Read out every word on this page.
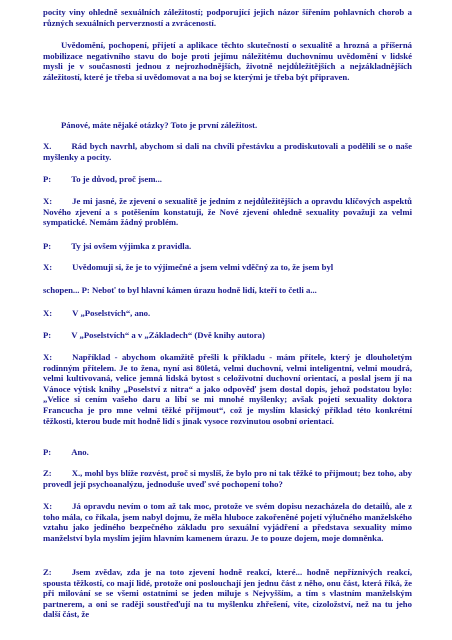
pocity viny ohledně sexuálních záležitostí; podporující jejich názor šířením pohlavních chorob a různých sexuálních perverzností a zvráceností.

Uvědomění, pochopení, přijetí a aplikace těchto skutečností o sexualitě a hrozná a příšerná mobilizace negativního stavu do boje proti jejímu náležitému duchovnímu uvědomění v lidské mysli je v současnosti jednou z nejrozhodnějších, životně nejdůležitějších a nejzákladnějších záležitostí, které je třeba si uvědomovat a na boj se kterými je třeba být připraven.

Pánové, máte nějaké otázky? Toto je první záležitost.

X. Rád bych navrhl, abychom si dali na chvíli přestávku a prodiskutovali a podělili se o naše myšlenky a pocity.

P: To je důvod, proč jsem...

X: Je mi jasné, že zjevení o sexualitě je jedním z nejdůležitějších a opravdu klíčových aspektů Nového zjevení a s potěšením konstatuji, že Nové zjevení ohledně sexuality považuji za velmi sympatické. Nemám žádný problém.

P: Ty jsi ovšem výjimka z pravidla.

X: Uvědomuji si, že je to výjimečné a jsem velmi vděčný za to, že jsem byl

schopen... P: Neboť to byl hlavní kámen úrazu hodně lidí, kteří to četli a...

X: V „Poselstvích“, ano.

P: V „Poselstvích“ a v „Základech“ (Dvě knihy autora)

X: Například - abychom okamžitě přešli k příkladu - mám přítele, který je dlouholetým rodinným přítelem. Je to žena, nyní asi 80letá, velmi duchovní, velmi inteligentní, velmi moudrá, velmi kultivovaná, velice jemná lidská bytost s celoživotní duchovní orientací, a poslal jsem jí na Vánoce výtisk knihy „Poselství z nitra“ a jako odpověď jsem dostal dopis, jehož podstatou bylo: „Velice si cením vašeho daru a líbí se mi mnohé myšlenky; avšak pojetí sexuality doktora Francucha je pro mne velmi těžké přijmout“, což je myslím klasický příklad této konkrétní těžkosti, kterou bude mít hodně lidí s jinak vysoce rozvinutou osobní orientací.

P: Ano.

Z: X., mohl bys blíže rozvést, proč si myslíš, že bylo pro ni tak těžké to přijmout; bez toho, aby provedl její psychoanalýzu, jednoduše uveď své pochopení toho?

X: Já opravdu nevím o tom až tak moc, protože ve svém dopisu nezacházela do detailů, ale z toho mála, co říkala, jsem nabyl dojmu, že měla hluboce zakořeněné pojetí výlučného manželského vztahu jako jediného bezpečného základu pro sexuální vyjádření a představa sexuality mimo manželství byla myslím jejím hlavním kamenem úrazu. Je to pouze dojem, moje domněnka.

Z: Jsem zvědav, zda je na toto zjevení hodně reakcí, které... hodně nepříznivých reakcí, spousta těžkostí, co mají lidé, protože oni poslouchají jen jednu část z něho, onu část, která říká, že při milování se se všemi ostatními se jeden miluje s Nejvyšším, a tím s vlastním manželským partnerem, a oni se raději soustřeďují na tu myšlenku zhřešení, víte, cizoložství, než na tu jeho další část, že
